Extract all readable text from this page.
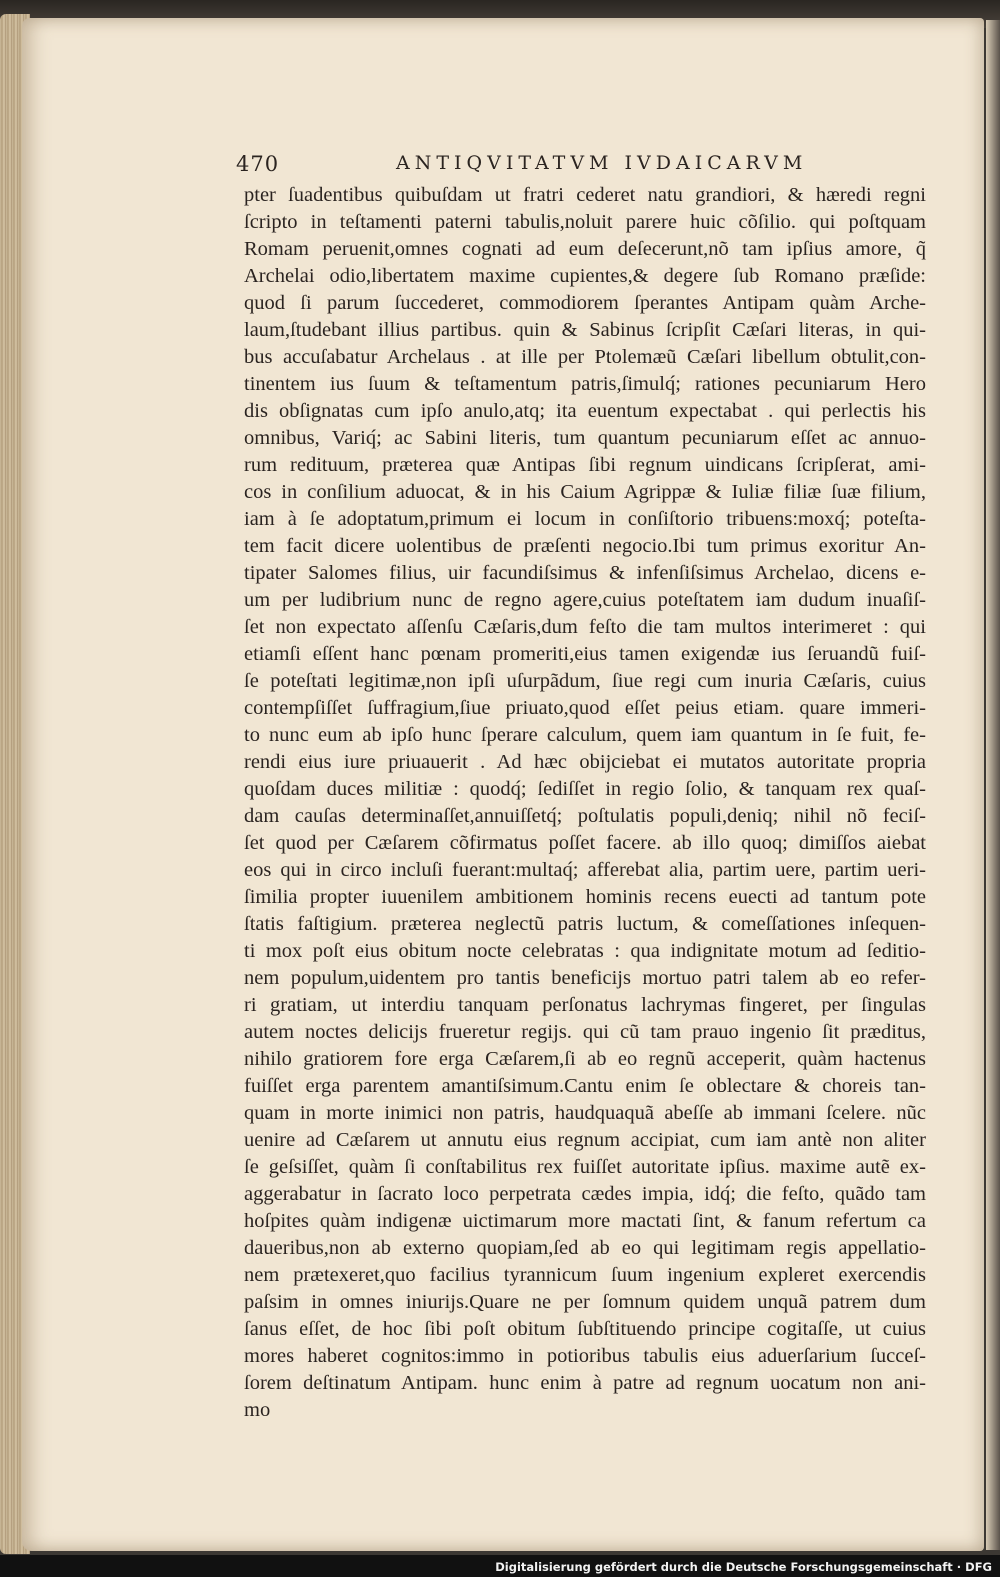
470	ANTIQVITATVM IVDAICARVM
pter ſuadentibus quibuſdam ut fratri cederet natu grandiori, & hæredi regni
ſcripto in teſtamenti paterni tabulis,noluit parere huic cõſilio. qui poſtquam
Romam peruenit,omnes cognati ad eum deſecerunt,nõ tam ipſius amore, q̃
Archelai odio,libertatem maxime cupientes,& degere ſub Romano præſide:
quod ſi parum ſuccederet, commodiorem ſperantes Antipam quàm Arche-
laum,ſtudebant illius partibus. quin & Sabinus ſcripſit Cæſari literas, in qui-
bus accuſabatur Archelaus . at ille per Ptolemæũ Cæſari libellum obtulit,con-
tinentem ius ſuum & teſtamentum patris,ſimulq́; rationes pecuniarum Hero
dis obſignatas cum ipſo anulo,atq; ita euentum expectabat . qui perlectis his
omnibus, Variq́; ac Sabini literis, tum quantum pecuniarum eſſet ac annuo-
rum redituum, præterea quæ Antipas ſibi regnum uindicans ſcripſerat, ami-
cos in conſilium aduocat, & in his Caium Agrippæ & Iuliæ filiæ ſuæ filium,
iam à ſe adoptatum,primum ei locum in conſiſtorio tribuens:moxq́; poteſta-
tem facit dicere uolentibus de præſenti negocio.Ibi tum primus exoritur An-
tipater Salomes filius, uir facundiſsimus & infenſiſsimus Archelao, dicens e-
um per ludibrium nunc de regno agere,cuius poteſtatem iam dudum inuaſiſ-
ſet non expectato aſſenſu Cæſaris,dum feſto die tam multos interimeret : qui
etiamſi eſſent hanc pœnam promeriti,eius tamen exigendæ ius ſeruandũ fuiſ-
ſe poteſtati legitimæ,non ipſi uſurpãdum, ſiue regi cum inuria Cæſaris, cuius
contempſiſſet ſuffragium,ſiue priuato,quod eſſet peius etiam. quare immeri-
to nunc eum ab ipſo hunc ſperare calculum, quem iam quantum in ſe fuit, fe-
rendi eius iure priuauerit . Ad hæc obijciebat ei mutatos autoritate propria
quoſdam duces militiæ : quodq́; ſediſſet in regio ſolio, & tanquam rex quaſ-
dam cauſas determinaſſet,annuiſſetq́; poſtulatis populi,deniq; nihil nõ feciſ-
ſet quod per Cæſarem cõfirmatus poſſet facere. ab illo quoq; dimiſſos aiebat
eos qui in circo incluſi fuerant:multaq́; afferebat alia, partim uere, partim ueri-
ſimilia propter iuuenilem ambitionem hominis recens euecti ad tantum pote
ſtatis faſtigium. præterea neglectũ patris luctum, & comeſſationes inſequen-
ti mox poſt eius obitum nocte celebratas : qua indignitate motum ad ſeditio-
nem populum,uidentem pro tantis beneficijs mortuo patri talem ab eo refer-
ri gratiam, ut interdiu tanquam perſonatus lachrymas fingeret, per ſingulas
autem noctes delicijs frueretur regijs. qui cũ tam prauo ingenio ſit præditus,
nihilo gratiorem fore erga Cæſarem,ſi ab eo regnũ acceperit, quàm hactenus
fuiſſet erga parentem amantiſsimum.Cantu enim ſe oblectare & choreis tan-
quam in morte inimici non patris, haudquaquã abeſſe ab immani ſcelere. nũc
uenire ad Cæſarem ut annutu eius regnum accipiat, cum iam antè non aliter
ſe geſsiſſet, quàm ſi conſtabilitus rex fuiſſet autoritate ipſius. maxime autẽ ex-
aggerabatur in ſacrato loco perpetrata cædes impia, idq́; die feſto, quãdo tam
hoſpites quàm indigenæ uictimarum more mactati ſint, & fanum refertum ca
daueribus,non ab externo quopiam,ſed ab eo qui legitimam regis appellatio-
nem prætexeret,quo facilius tyrannicum ſuum ingenium expleret exercendis
paſsim in omnes iniurijs.Quare ne per ſomnum quidem unquã patrem dum
ſanus eſſet, de hoc ſibi poſt obitum ſubſtituendo principe cogitaſſe, ut cuius
mores haberet cognitos:immo in potioribus tabulis eius aduerſarium ſucceſ-
ſorem deſtinatum Antipam. hunc enim à patre ad regnum uocatum non ani-
mo
Digitalisierung gefördert durch die Deutsche Forschungsgemeinschaft · DFG
